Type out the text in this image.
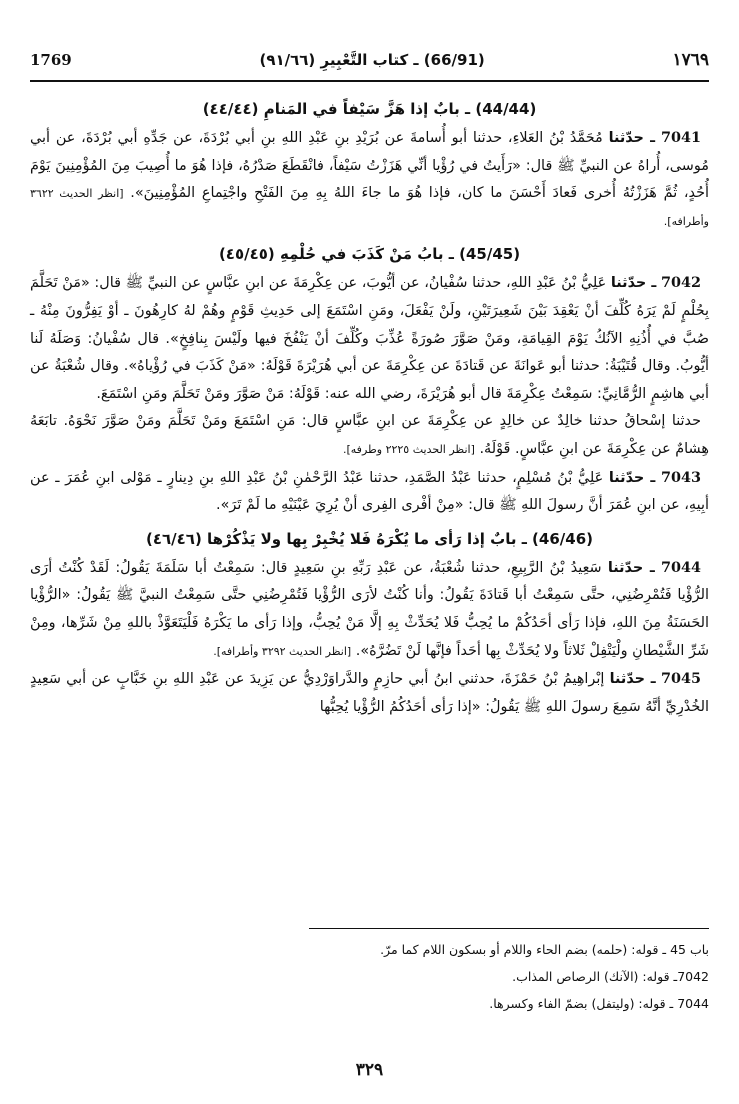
1769	(66/91) ـ كتاب التَّعْبِيرِ (٩١/٦٦)	١٧٦٩
(44/44) ـ بابٌ إذا هَزَّ سَيْفاً في المَنامِ (٤٤/٤٤)

7041 ـ حدّثنا مُحَمَّدُ بْنُ العَلاءِ، حدثنا أبو أُسامةَ عن بُرَيْدِ بنِ عَبْدِ اللهِ بنِ أبي بُرْدَةَ، عن جَدِّهِ أبي بُرْدَةَ، عن أبي مُوسى، أُراهُ عن النبيِّ ﷺ قال: «رَأَيتُ في رُؤْيا أنِّي هَزَزْتُ سَيْفاً، فانْقَطَعَ صَدْرُهُ، فإذا هُوَ ما أُصِيبَ مِنَ المُؤْمِنِينَ يَوْمَ أُحُدٍ، ثُمَّ هَزَزْتُهُ أُخرى فَعادَ أَحْسَنَ ما كان، فإذا هُوَ ما جاءَ اللهُ بِهِ مِنَ الفَتْحِ واجْتِماعِ المُؤْمِنِينَ». [انظر الحديث ٣٦٢٢ وأطرافه].

(45/45) ـ بابُ مَنْ كَذَبَ في حُلْمِهِ (٤٥/٤٥)

7042 ـ حدّثنا عَلِيُّ بْنُ عَبْدِ اللهِ، حدثنا سُفْيانُ، عن أيُّوبَ، عن عِكْرِمَةَ عن ابنِ عبَّاسٍ عن النبيِّ ﷺ قال: «مَنْ تَحَلَّمَ بِحُلْمٍ لَمْ يَرَهُ كُلِّفَ أنْ يَعْقِدَ بَيْنَ شَعِيرَتَيْنِ، ولَنْ يَفْعَلَ، ومَنِ اسْتَمَعَ إلى حَدِيثِ قَوْمٍ وهُمْ لهُ كارِهُونَ ـ أوْ يَفِرُّونَ مِنْهُ ـ صُبَّ في أُذُنِهِ الآنُكُ يَوْمَ القِيامَةِ، ومَنْ صَوَّرَ صُورَةً عُذِّبَ وكُلِّفَ أنْ يَنْفُخَ فيها ولَيْسَ بِنافِخٍ». قال سُفْيانُ: وَصَلَهُ لَنا أيُّوبُ. وقال قُتَيْبَةُ: حدثنا أبو عَوانَةَ عن قَتادَةَ عن عِكْرِمَةَ عن أبي هُرَيْرَةَ قَوْلَهُ: «مَنْ كَذَبَ في رُؤْياهُ». وقال شُعْبَةُ عن أبي هاشِمٍ الرُّمَّانِيِّ: سَمِعْتُ عِكْرِمَةَ قال أبو هُرَيْرَةَ، رضي الله عنه: قَوْلَهُ: مَنْ صَوَّرَ ومَنْ تَحَلَّمَ ومَنِ اسْتَمَعَ.

حدثنا إسْحاقُ حدثنا خالِدٌ عن خالِدٍ عن عِكْرِمَةَ عن ابنِ عبَّاسٍ قال: مَنِ اسْتَمَعَ ومَنْ تَحَلَّمَ ومَنْ صَوَّرَ نَحْوَهُ. تابَعَهُ هِشامٌ عن عِكْرِمَةَ عن ابنِ عبَّاسٍ. قَوْلَهُ. [انظر الحديث ٢٢٢٥ وطرفه].

7043 ـ حدّثنا عَلِيُّ بْنُ مُسْلِمٍ، حدثنا عَبْدُ الصَّمَدِ، حدثنا عَبْدُ الرَّحْمٰنِ بْنُ عَبْدِ اللهِ بنِ دِينارٍ ـ مَوْلى ابنِ عُمَرَ ـ عن أبِيهِ، عن ابنِ عُمَرَ أنَّ رسولَ اللهِ ﷺ قال: «مِنْ أفْرى الفِرى أنْ يُرِيَ عَيْنَيْهِ ما لَمْ تَرَ».

(46/46) ـ بابٌ إذا رَأى ما يُكْرَهُ فَلا يُخْبِرْ بِها ولا يَذْكُرْها (٤٦/٤٦)

7044 ـ حدّثنا سَعِيدُ بْنُ الرَّبِيعِ، حدثنا شُعْبَةُ، عن عَبْدِ رَبِّهِ بنِ سَعِيدٍ قال: سَمِعْتُ أبا سَلَمَةَ يَقُولُ: لَقَدْ كُنْتُ أرَى الرُّؤْيا فَتُمْرِضُنِي، حتَّى سَمِعْتُ أبا قَتادَةَ يَقُولُ: وأنا كُنْتُ لأرَى الرُّؤْيا فَتُمْرِضُنِي حتَّى سَمِعْتُ النبيَّ ﷺ يَقُولُ: «الرُّؤْيا الحَسَنَةُ مِنَ اللهِ، فإذا رَأى أحَدُكُمْ ما يُحِبُّ فَلا يُحَدِّثْ بِهِ إلَّا مَنْ يُحِبُّ، وإذا رَأى ما يَكْرَهُ فَلْيَتَعَوَّذْ باللهِ مِنْ شَرِّها، ومِنْ شَرِّ الشَّيْطانِ ولْيَتْفِلْ ثَلاثاً ولا يُحَدِّثْ بِها أحَداً فإنَّها لَنْ تَضُرَّهُ». [انظر الحديث ٣٢٩٢ وأطرافه].

7045 ـ حدّثنا إبْراهِيمُ بْنُ حَمْزَةَ، حدثني ابنُ أبي حازِمٍ والدَّراوَرْدِيُّ عن يَزِيدَ عن عَبْدِ اللهِ بنِ خَبَّابٍ عن أبي سَعِيدٍ الخُدْرِيِّ أنَّهُ سَمِعَ رسولَ اللهِ ﷺ يَقُولُ: «إذا رَأى أحَدُكُمُ الرُّؤْيا يُحِبُّها

باب 45 ـ قوله: (حلمه) بضم الحاء واللام أو بسكون اللام كما مرّ.

7042ـ قوله: (الآنك) الرصاص المذاب.

7044 ـ قوله: (وليتفل) بضمّ الفاء وكسرها.

٣٢٩
